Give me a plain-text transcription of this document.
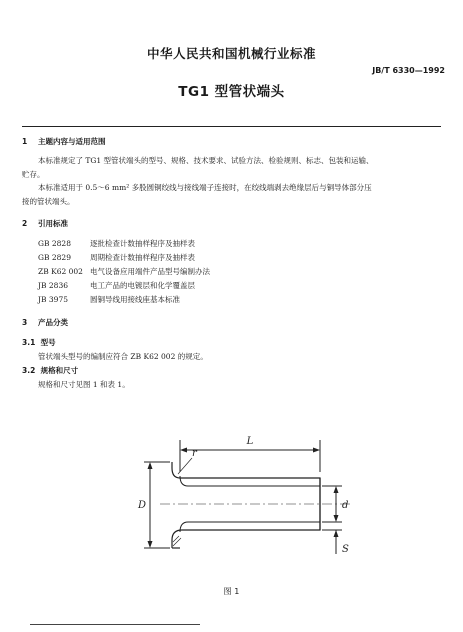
中华人民共和国机械行业标准
JB/T 6330—1992
TG1 型管状端头
1 主题内容与适用范围
本标准规定了 TG1 型管状端头的型号、规格、技术要求、试验方法、检验规则、标志、包装和运输、
贮存。
本标准适用于 0.5～6 mm² 多股圆铜绞线与接线端子连接时，在绞线端剥去绝缘层后与铜导体部分压
接的管状端头。
2 引用标准
GB 2828	逐批检查计数抽样程序及抽样表
GB 2829	周期检查计数抽样程序及抽样表
ZB K62 002 电气设备应用端件产品型号编制办法
JB 2836	电工产品的电镀层和化学覆盖层
JB 3975	圆铜导线用接线座基本标准
3 产品分类
3.1 型号
管状端头型号的编制应符合 ZB K62 002 的规定。
3.2 规格和尺寸
规格和尺寸见图 1 和表 1。
L
D	d
S
r
图 1
